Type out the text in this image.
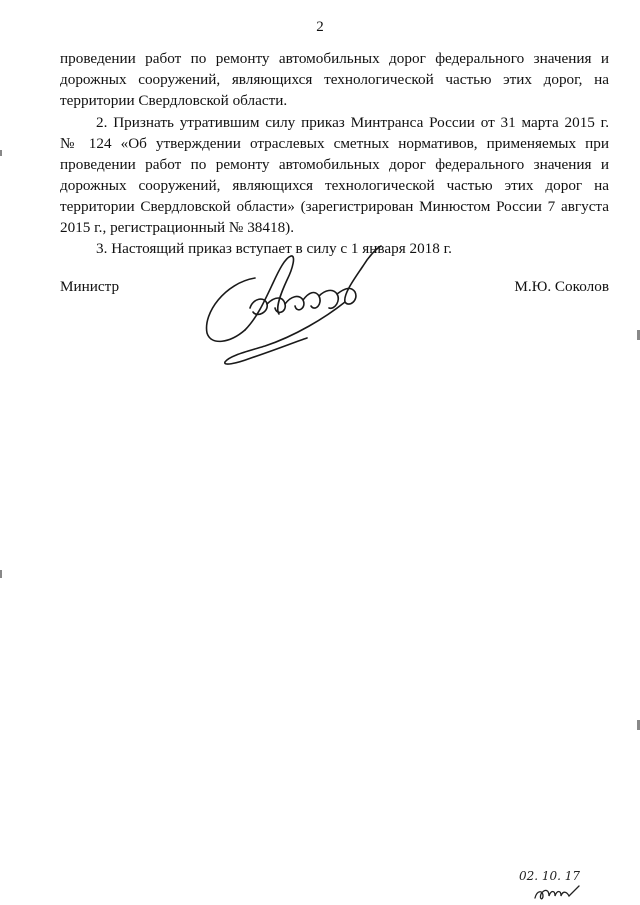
2
проведении работ по ремонту автомобильных дорог федерального значения и
дорожных сооружений, являющихся технологической частью этих дорог, на
территории Свердловской области.
2. Признать утратившим силу приказ Минтранса России от 31 марта 2015 г.
№ 124 «Об утверждении отраслевых сметных нормативов, применяемых при
проведении работ по ремонту автомобильных дорог федерального значения и
дорожных сооружений, являющихся технологической частью этих дорог на
территории Свердловской области» (зарегистрирован Минюстом России 7 августа
2015 г., регистрационный № 38418).
3. Настоящий приказ вступает в силу с 1 января 2018 г.
Министр	М.Ю. Соколов
02. 10. 17
